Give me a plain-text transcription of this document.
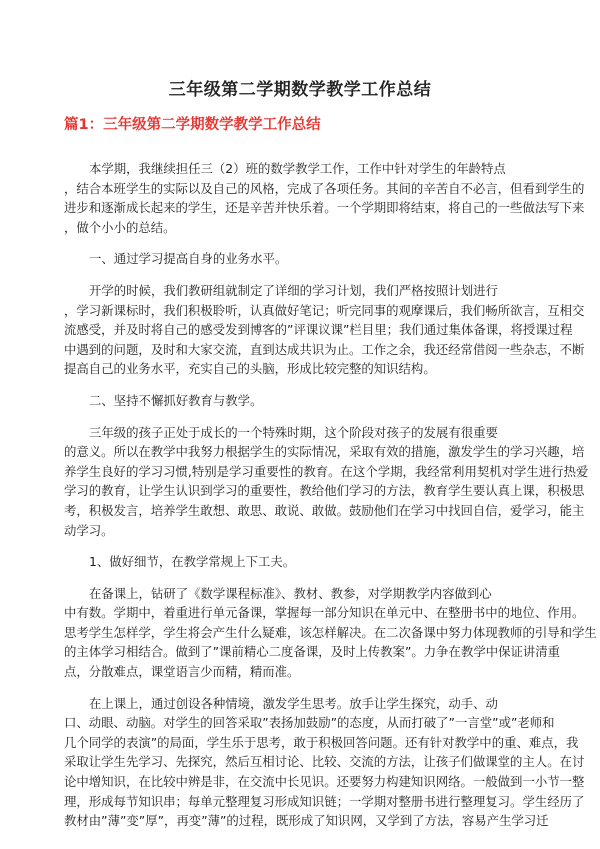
三年级第二学期数学教学工作总结
篇1：三年级第二学期数学教学工作总结

本学期，我继续担任三（2）班的数学教学工作，工作中针对学生的年龄特点
，结合本班学生的实际以及自己的风格，完成了各项任务。其间的辛苦自不必言，但看到学生的
进步和逐渐成长起来的学生，还是辛苦并快乐着。一个学期即将结束，将自己的一些做法写下来
，做个小小的总结。

一、通过学习提高自身的业务水平。

开学的时候，我们教研组就制定了详细的学习计划，我们严格按照计划进行
，学习新课标时，我们积极聆听，认真做好笔记；听完同事的观摩课后，我们畅所欲言，互相交
流感受，并及时将自己的感受发到博客的”评课议课”栏目里；我们通过集体备课，将授课过程
中遇到的问题，及时和大家交流，直到达成共识为止。工作之余，我还经常借阅一些杂志，不断
提高自己的业务水平，充实自己的头脑，形成比较完整的知识结构。

二、坚持不懈抓好教育与教学。

三年级的孩子正处于成长的一个特殊时期，这个阶段对孩子的发展有很重要
的意义。所以在教学中我努力根据学生的实际情况，采取有效的措施，激发学生的学习兴趣，培
养学生良好的学习习惯,特别是学习重要性的教育。在这个学期，我经常利用契机对学生进行热爱
学习的教育，让学生认识到学习的重要性，教给他们学习的方法，教育学生要认真上课，积极思
考，积极发言，培养学生敢想、敢思、敢说、敢做。鼓励他们在学习中找回自信，爱学习，能主
动学习。

1、做好细节，在教学常规上下工夫。

在备课上，钻研了《数学课程标准》、教材、教参，对学期教学内容做到心
中有数。学期中，着重进行单元备课，掌握每一部分知识在单元中、在整册书中的地位、作用。
思考学生怎样学，学生将会产生什么疑难，该怎样解决。在二次备课中努力体现教师的引导和学生
的主体学习相结合。做到了”课前精心二度备课，及时上传教案”。力争在教学中保证讲清重
点，分散难点，课堂语言少而精，精而准。

在上课上，通过创设各种情境，激发学生思考。放手让学生探究，动手、动
口、动眼、动脑。对学生的回答采取”表扬加鼓励”的态度，从而打破了”一言堂”或”老师和
几个同学的表演”的局面，学生乐于思考，敢于积极回答问题。还有针对教学中的重、难点，我
采取让学生先学习、先探究，然后互相讨论、比较、交流的方法，让孩子们做课堂的主人。在讨
论中增知识，在比较中辨是非，在交流中长见识。还要努力构建知识网络。一般做到一小节一整
理，形成每节知识串；每单元整理复习形成知识链；一学期对整册书进行整理复习。学生经历了
教材由”薄”变”厚”，再变”薄”的过程，既形成了知识网，又学到了方法，容易产生学习迁
